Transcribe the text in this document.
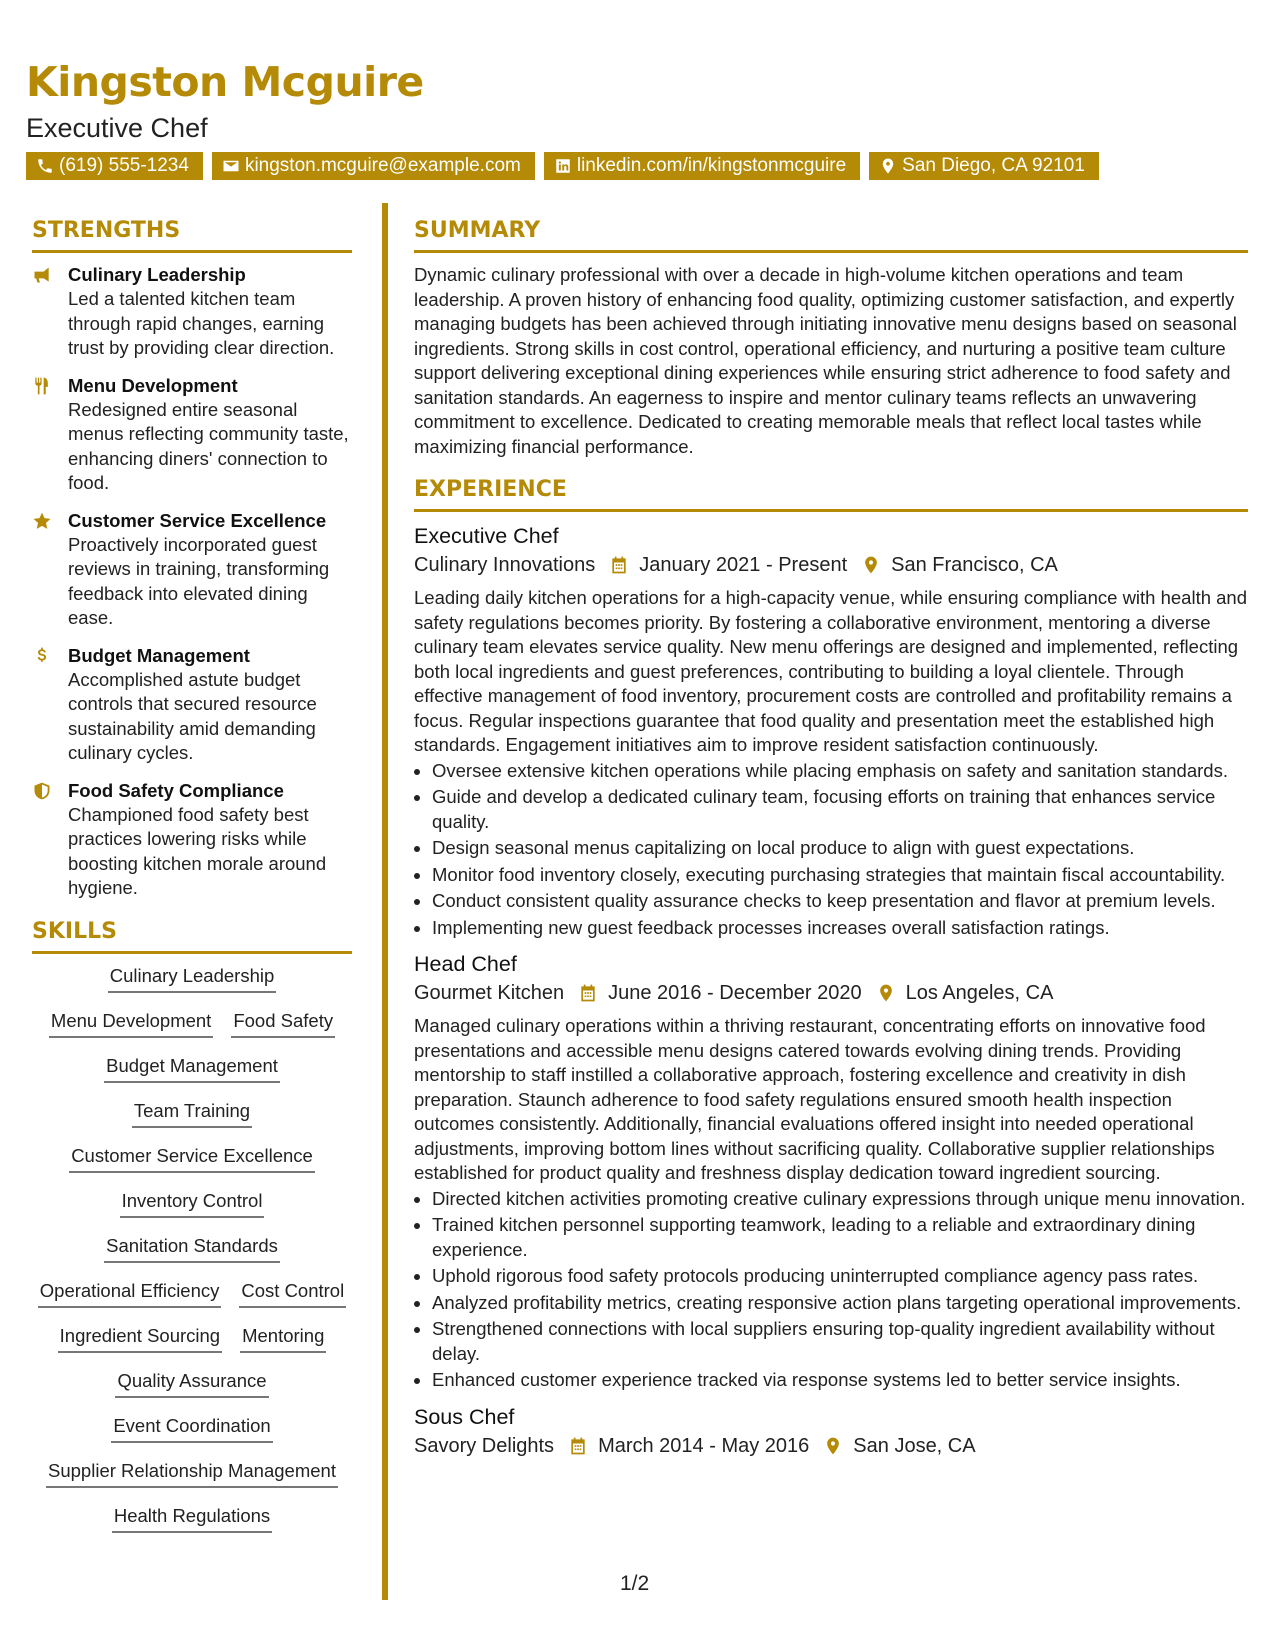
Kingston Mcguire
Executive Chef
(619) 555-1234	kingston.mcguire@example.com	linkedin.com/in/kingstonmcguire	San Diego, CA 92101
STRENGTHS
Culinary Leadership
Led a talented kitchen team through rapid changes, earning trust by providing clear direction.
Menu Development
Redesigned entire seasonal menus reflecting community taste, enhancing diners' connection to food.
Customer Service Excellence
Proactively incorporated guest reviews in training, transforming feedback into elevated dining ease.
Budget Management
Accomplished astute budget controls that secured resource sustainability amid demanding culinary cycles.
Food Safety Compliance
Championed food safety best practices lowering risks while boosting kitchen morale around hygiene.
SKILLS
Culinary Leadership
Menu Development Food Safety
Budget Management
Team Training
Customer Service Excellence
Inventory Control
Sanitation Standards
Operational Efficiency Cost Control
Ingredient Sourcing Mentoring
Quality Assurance
Event Coordination
Supplier Relationship Management
Health Regulations
SUMMARY
Dynamic culinary professional with over a decade in high-volume kitchen operations and team leadership. A proven history of enhancing food quality, optimizing customer satisfaction, and expertly managing budgets has been achieved through initiating innovative menu designs based on seasonal ingredients. Strong skills in cost control, operational efficiency, and nurturing a positive team culture support delivering exceptional dining experiences while ensuring strict adherence to food safety and sanitation standards. An eagerness to inspire and mentor culinary teams reflects an unwavering commitment to excellence. Dedicated to creating memorable meals that reflect local tastes while maximizing financial performance.
EXPERIENCE
Executive Chef
Culinary Innovations January 2021 - Present San Francisco, CA
Leading daily kitchen operations for a high-capacity venue, while ensuring compliance with health and safety regulations becomes priority. By fostering a collaborative environment, mentoring a diverse culinary team elevates service quality. New menu offerings are designed and implemented, reflecting both local ingredients and guest preferences, contributing to building a loyal clientele. Through effective management of food inventory, procurement costs are controlled and profitability remains a focus. Regular inspections guarantee that food quality and presentation meet the established high standards. Engagement initiatives aim to improve resident satisfaction continuously.
• Oversee extensive kitchen operations while placing emphasis on safety and sanitation standards.
• Guide and develop a dedicated culinary team, focusing efforts on training that enhances service quality.
• Design seasonal menus capitalizing on local produce to align with guest expectations.
• Monitor food inventory closely, executing purchasing strategies that maintain fiscal accountability.
• Conduct consistent quality assurance checks to keep presentation and flavor at premium levels.
• Implementing new guest feedback processes increases overall satisfaction ratings.
Head Chef
Gourmet Kitchen June 2016 - December 2020 Los Angeles, CA
Managed culinary operations within a thriving restaurant, concentrating efforts on innovative food presentations and accessible menu designs catered towards evolving dining trends. Providing mentorship to staff instilled a collaborative approach, fostering excellence and creativity in dish preparation. Staunch adherence to food safety regulations ensured smooth health inspection outcomes consistently. Additionally, financial evaluations offered insight into needed operational adjustments, improving bottom lines without sacrificing quality. Collaborative supplier relationships established for product quality and freshness display dedication toward ingredient sourcing.
• Directed kitchen activities promoting creative culinary expressions through unique menu innovation.
• Trained kitchen personnel supporting teamwork, leading to a reliable and extraordinary dining experience.
• Uphold rigorous food safety protocols producing uninterrupted compliance agency pass rates.
• Analyzed profitability metrics, creating responsive action plans targeting operational improvements.
• Strengthened connections with local suppliers ensuring top-quality ingredient availability without delay.
• Enhanced customer experience tracked via response systems led to better service insights.
Sous Chef
Savory Delights March 2014 - May 2016 San Jose, CA
1/2
